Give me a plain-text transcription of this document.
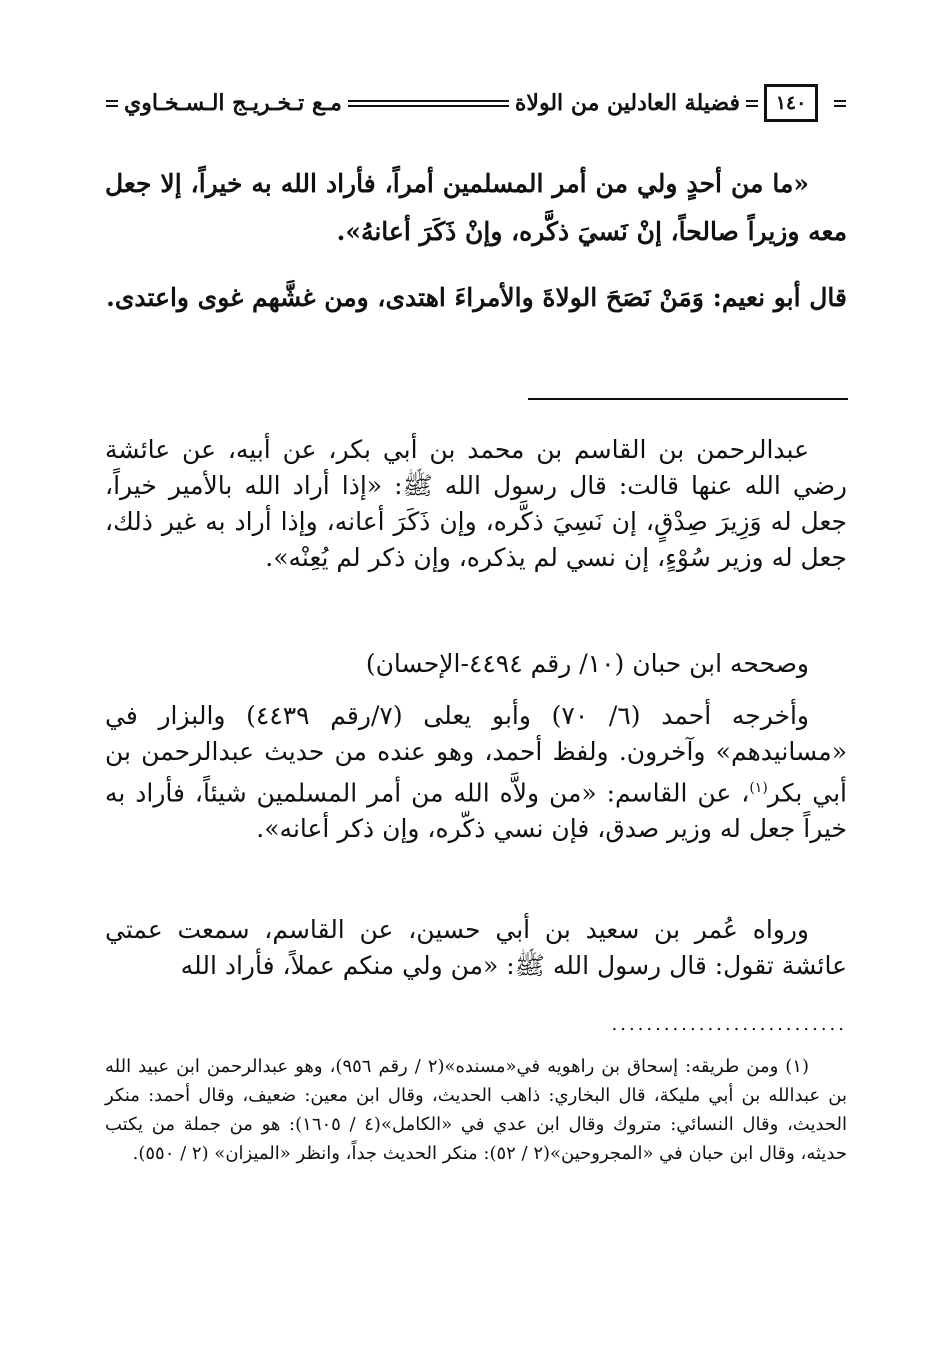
١٤٠
فضيلة العادلين من الولاة
مـع تـخـريـج الـسـخـاوي

«ما من أحدٍ ولي من أمر المسلمين أمراً، فأراد الله به خيراً، إلا جعل معه وزيراً صالحاً، إنْ نَسيَ ذكَّره، وإنْ ذَكَرَ أعانهُ».

قال أبو نعيم: وَمَنْ نَصَحَ الولاةَ والأمراءَ اهتدى، ومن غشَّهم غوى واعتدى.

عبدالرحمن بن القاسم بن محمد بن أبي بكر، عن أبيه، عن عائشة رضي الله عنها قالت: قال رسول الله ﷺ: «إذا أراد الله بالأمير خيراً، جعل له وَزِيرَ صِدْقٍ، إن نَسِيَ ذكَّره، وإن ذَكَرَ أعانه، وإذا أراد به غير ذلك، جعل له وزير سُوْءٍ، إن نسي لم يذكره، وإن ذكر لم يُعِنْه».

وصححه ابن حبان (١٠/ رقم ٤٤٩٤-الإحسان)

وأخرجه أحمد (٦/ ٧٠) وأبو يعلى (٧/رقم ٤٤٣٩) والبزار في «مسانيدهم» وآخرون. ولفظ أحمد، وهو عنده من حديث عبدالرحمن بن أبي بكر$^{(١)}$، عن القاسم: «من ولاَّه الله من أمر المسلمين شيئاً، فأراد به خيراً جعل له وزير صدق، فإن نسي ذكّره، وإن ذكر أعانه».

ورواه عُمر بن سعيد بن أبي حسين، عن القاسم، سمعت عمتي عائشة تقول: قال رسول الله ﷺ: «من ولي منكم عملاً، فأراد الله

...........................

(١) ومن طريقه: إسحاق بن راهويه في«مسنده»(٢ / رقم ٩٥٦)، وهو عبدالرحمن ابن عبيد الله بن عبدالله بن أبي مليكة، قال البخاري: ذاهب الحديث، وقال ابن معين: ضعيف، وقال أحمد: منكر الحديث، وقال النسائي: متروك وقال ابن عدي في «الكامل»(٤ / ١٦٠٥): هو من جملة من يكتب حديثه، وقال ابن حبان في «المجروحين»(٢ / ٥٢): منكر الحديث جداً، وانظر «الميزان» (٢ / ٥٥٠).
